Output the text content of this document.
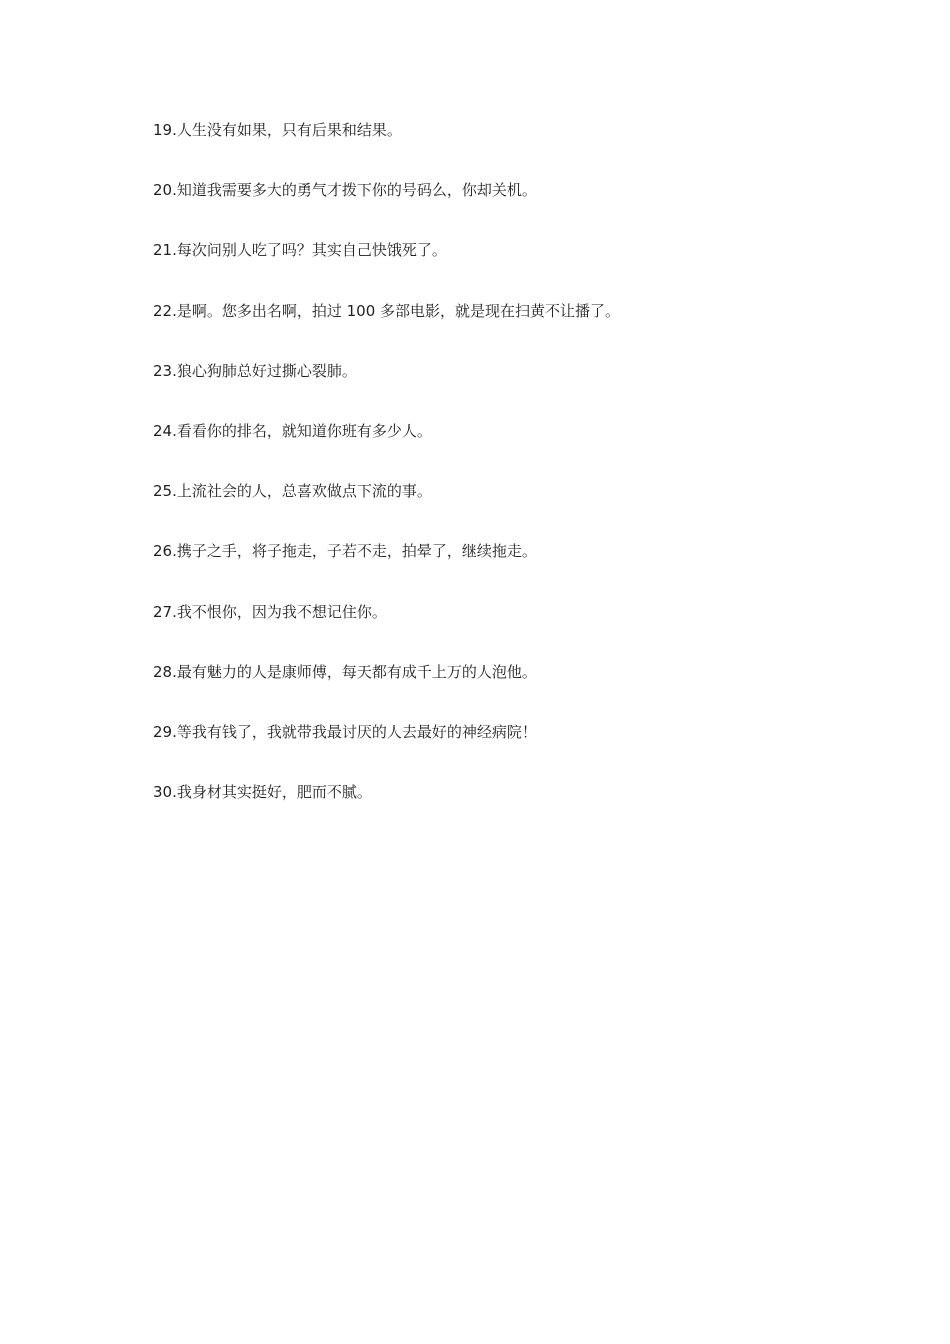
19.人生没有如果，只有后果和结果。
20.知道我需要多大的勇气才拨下你的号码么，你却关机。
21.每次问别人吃了吗？其实自己快饿死了。
22.是啊。您多出名啊，拍过 100 多部电影，就是现在扫黄不让播了。
23.狼心狗肺总好过撕心裂肺。
24.看看你的排名，就知道你班有多少人。
25.上流社会的人，总喜欢做点下流的事。
26.携子之手，将子拖走，子若不走，拍晕了，继续拖走。
27.我不恨你，因为我不想记住你。
28.最有魅力的人是康师傅，每天都有成千上万的人泡他。
29.等我有钱了，我就带我最讨厌的人去最好的神经病院！
30.我身材其实挺好，肥而不腻。
